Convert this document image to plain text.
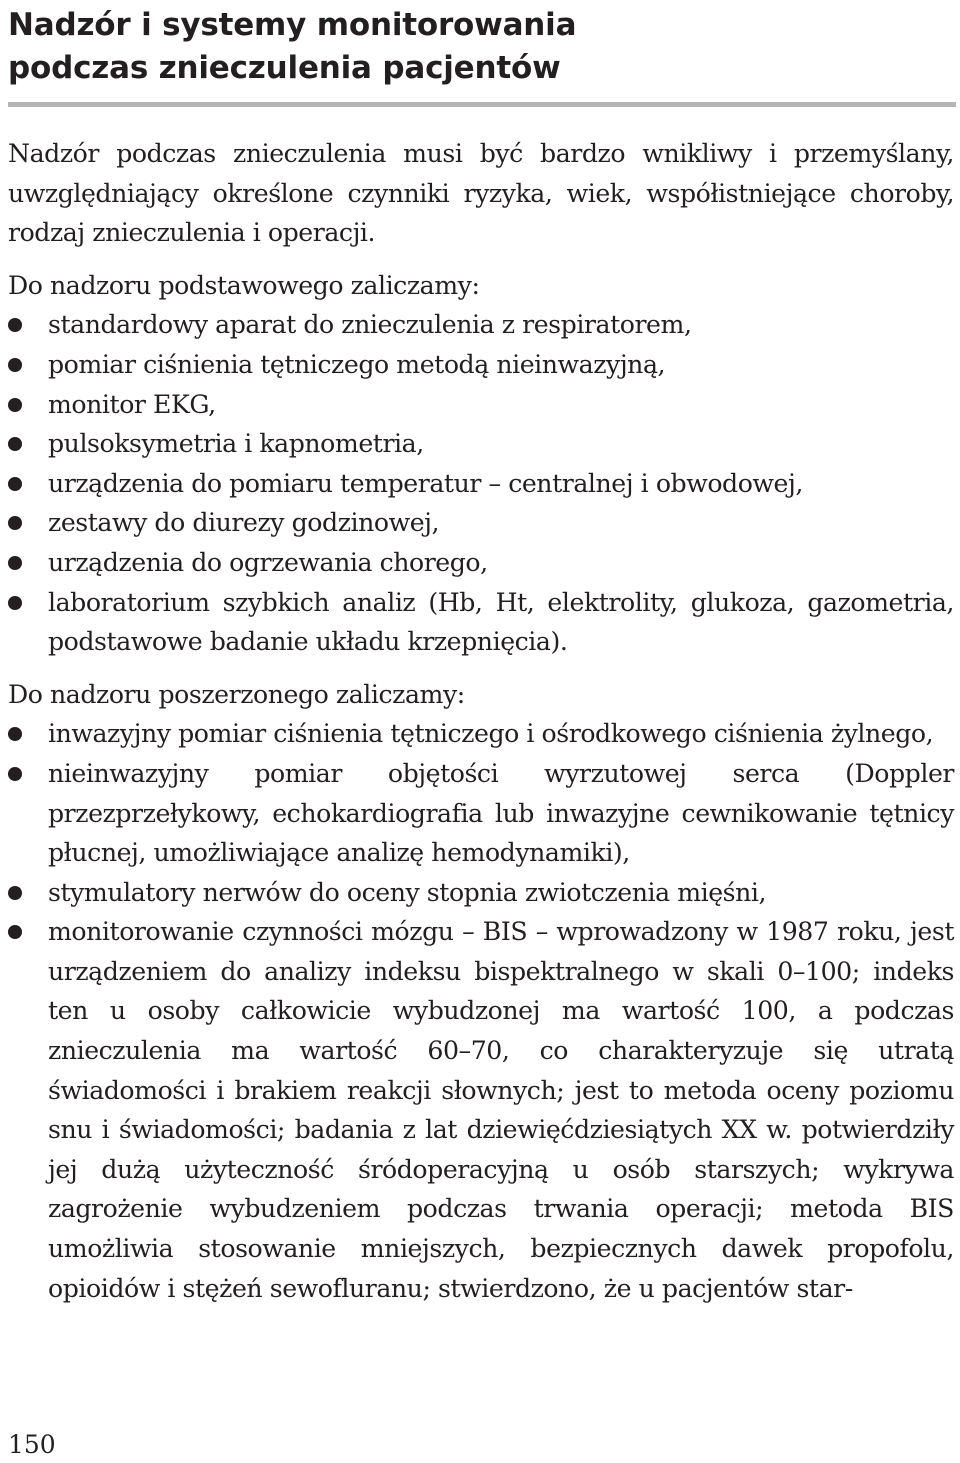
Nadzór i systemy monitorowania
podczas znieczulenia pacjentów

Nadzór podczas znieczulenia musi być bardzo wnikliwy i przemyślany, uwzględniający określone czynniki ryzyka, wiek, współistniejące choroby, rodzaj znieczulenia i operacji.

Do nadzoru podstawowego zaliczamy:

standardowy aparat do znieczulenia z respiratorem,
pomiar ciśnienia tętniczego metodą nieinwazyjną,
monitor EKG,
pulsoksymetria i kapnometria,
urządzenia do pomiaru temperatur – centralnej i obwodowej,
zestawy do diurezy godzinowej,
urządzenia do ogrzewania chorego,
laboratorium szybkich analiz (Hb, Ht, elektrolity, glukoza, gazometria, podstawowe badanie układu krzepnięcia).

Do nadzoru poszerzonego zaliczamy:

inwazyjny pomiar ciśnienia tętniczego i ośrodkowego ciśnienia żylnego,
nieinwazyjny pomiar objętości wyrzutowej serca (Doppler przezprzełykowy, echokardiografia lub inwazyjne cewnikowanie tętnicy płucnej, umożliwiające analizę hemodynamiki),
stymulatory nerwów do oceny stopnia zwiotczenia mięśni,
monitorowanie czynności mózgu – BIS – wprowadzony w 1987 roku, jest urządzeniem do analizy indeksu bispektralnego w skali 0–100; indeks ten u osoby całkowicie wybudzonej ma wartość 100, a podczas znieczulenia ma wartość 60–70, co charakteryzuje się utratą świadomości i brakiem reakcji słownych; jest to metoda oceny poziomu snu i świadomości; badania z lat dziewięćdziesiątych XX w. potwierdziły jej dużą użyteczność śródoperacyjną u osób starszych; wykrywa zagrożenie wybudzeniem podczas trwania operacji; metoda BIS umożliwia stosowanie mniejszych, bezpiecznych dawek propofolu, opioidów i stężeń sewofluranu; stwierdzono, że u pacjentów star-
150
